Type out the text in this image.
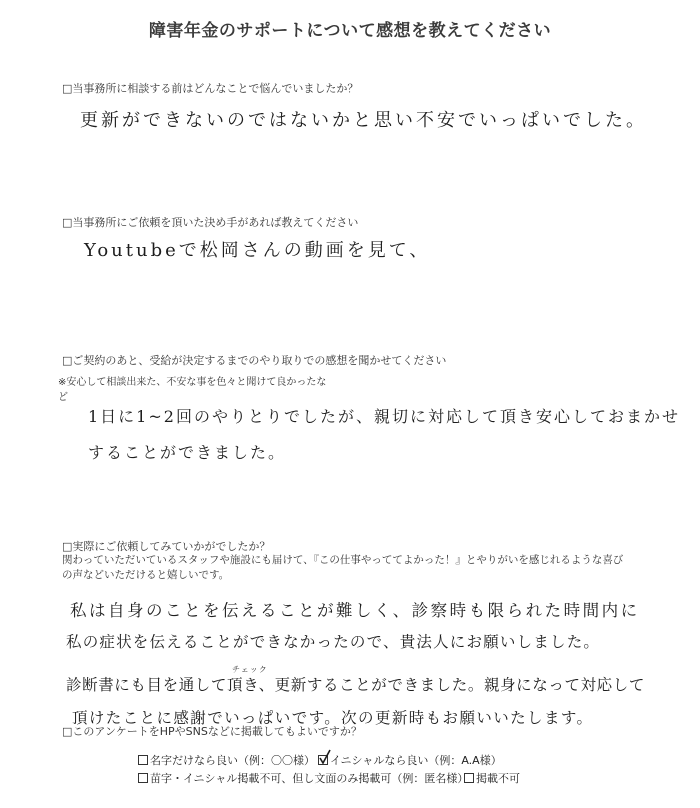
障害年金のサポートについて感想を教えてください
□当事務所に相談する前はどんなことで悩んでいましたか？
更新ができないのではないかと思い不安でいっぱいでした。
□当事務所にご依頼を頂いた決め手があれば教えてください
Youtubeで松岡さんの動画を見て、
□ご契約のあと、受給が決定するまでのやり取りでの感想を聞かせてください
※安心して相談出来た、不安な事を色々と聞けて良かったな
ど
1日に1~2回のやりとりでしたが、親切に対応して頂き安心しておまかせ
することができました。
□実際にご依頼してみていかがでしたか？
関わっていただいているスタッフや施設にも届けて、『この仕事やっててよかった！』とやりがいを感じれるような喜び
の声などいただけると嬉しいです。
私は自身のことを伝えることが難しく、診察時も限られた時間内に
私の症状を伝えることができなかったので、貴法人にお願いしました。
チェック
診断書にも目を通して頂き、更新することができました。親身になって対応して
頂けたことに感謝でいっぱいです。次の更新時もお願いいたします。
□このアンケートをHPやSNSなどに掲載してもよいですか？
名字だけなら良い（例：〇〇様）	イニシャルなら良い（例：A.A様）
苗字・イニシャル掲載不可、但し文面のみ掲載可（例：匿名様） 掲載不可
